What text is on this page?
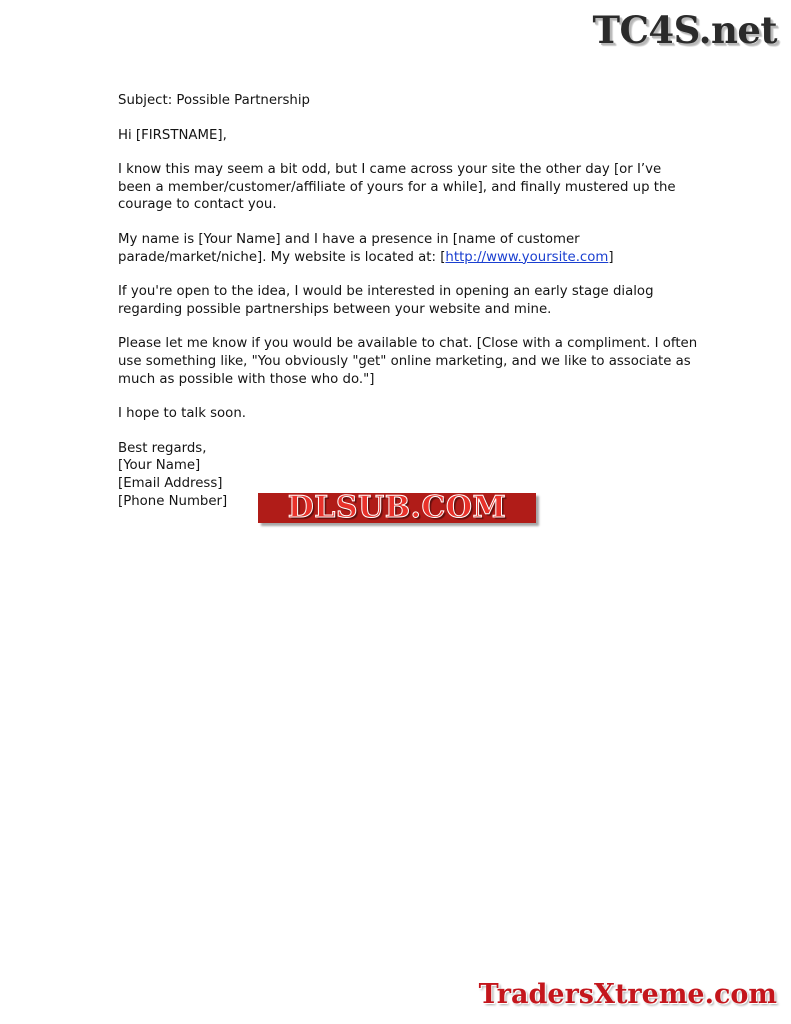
TC4S.net

Subject: Possible Partnership

Hi [FIRSTNAME],

I know this may seem a bit odd, but I came across your site the other day [or I’ve been a member/customer/affiliate of yours for a while], and finally mustered up the courage to contact you.

My name is [Your Name] and I have a presence in [name of customer parade/market/niche]. My website is located at: [http://www.yoursite.com]

If you're open to the idea, I would be interested in opening an early stage dialog regarding possible partnerships between your website and mine.

Please let me know if you would be available to chat. [Close with a compliment. I often use something like, "You obviously "get" online marketing, and we like to associate as much as possible with those who do."]

I hope to talk soon.

Best regards,

[Your Name]

[Email Address]

[Phone Number]	DLSUB.COM
TradersXtreme.com
